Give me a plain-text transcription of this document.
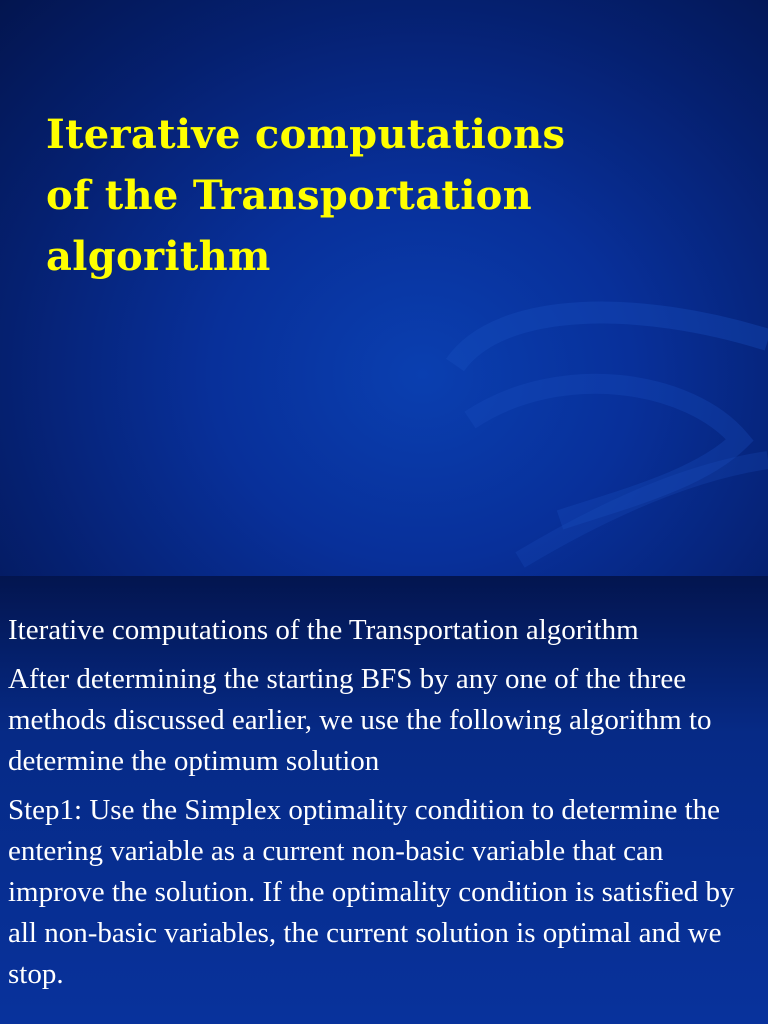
Iterative computations
of the Transportation
algorithm

Iterative computations of the Transportation algorithm

After determining the starting BFS by any one of the three methods discussed earlier, we use the following algorithm to determine the optimum solution

Step1: Use the Simplex optimality condition to determine the entering variable as a current non-basic variable that can improve the solution. If the optimality condition is satisfied by all non-basic variables, the current solution is optimal and we stop.
